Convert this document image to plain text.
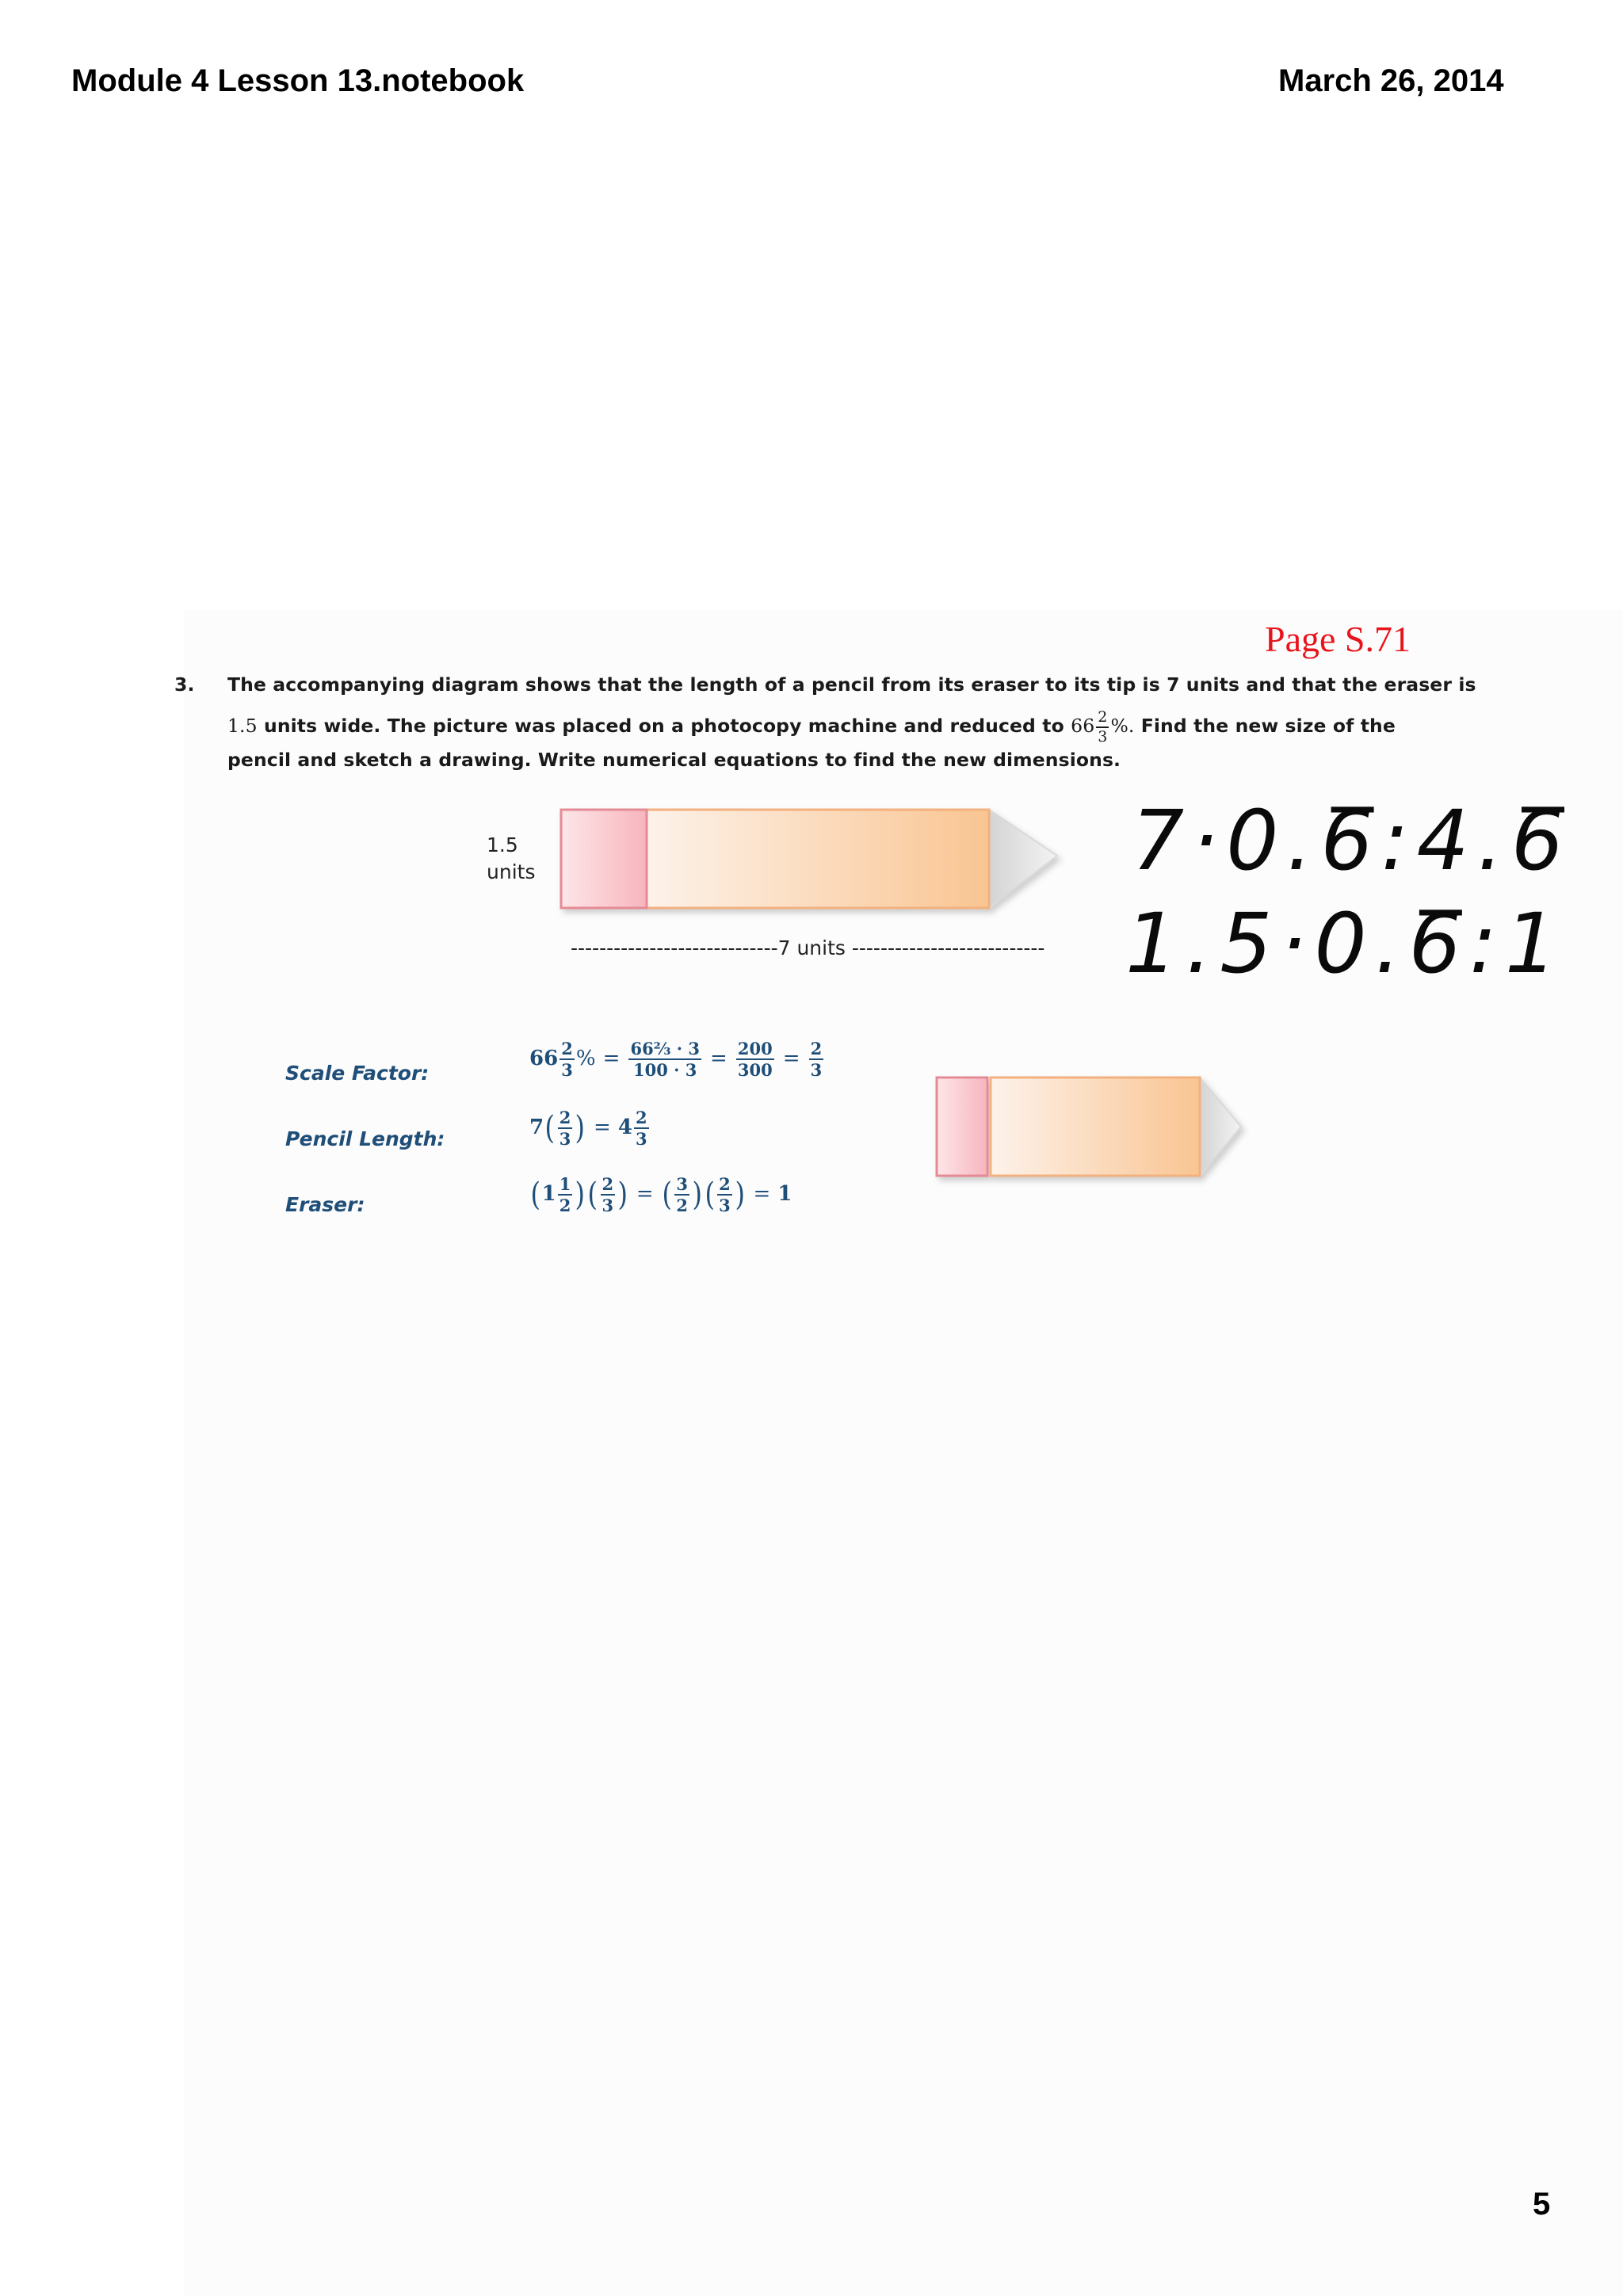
Module 4 Lesson 13.notebook	March 26, 2014
Page S.71
3. The accompanying diagram shows that the length of a pencil from its eraser to its tip is 7 units and that the eraser is
1.5 units wide. The picture was placed on a photocopy machine and reduced to $66 \frac{2}{3}$ %. Find the new size of the
pencil and sketch a drawing. Write numerical equations to find the new dimensions.
1.5
units
-----------------------------7 units ---------------------------
7·0.6̅:4.6̅
1.5·0.6̅:1
Scale Factor:
Pencil Length:
Eraser:
$66 \frac{2}{3}$ % = $\frac{\text{66⅔ · 3}}{100 \cdot 3} = \frac{200}{300} = \frac{2}{3}$
$7( \frac{2}{3}$ ) = $4 \frac{2}{3}$
($1 \frac{1}{2}$ )( $\frac{2}{3}$ ) = ( $\frac{3}{2}$ )( $\frac{2}{3}$ ) = 1
5
